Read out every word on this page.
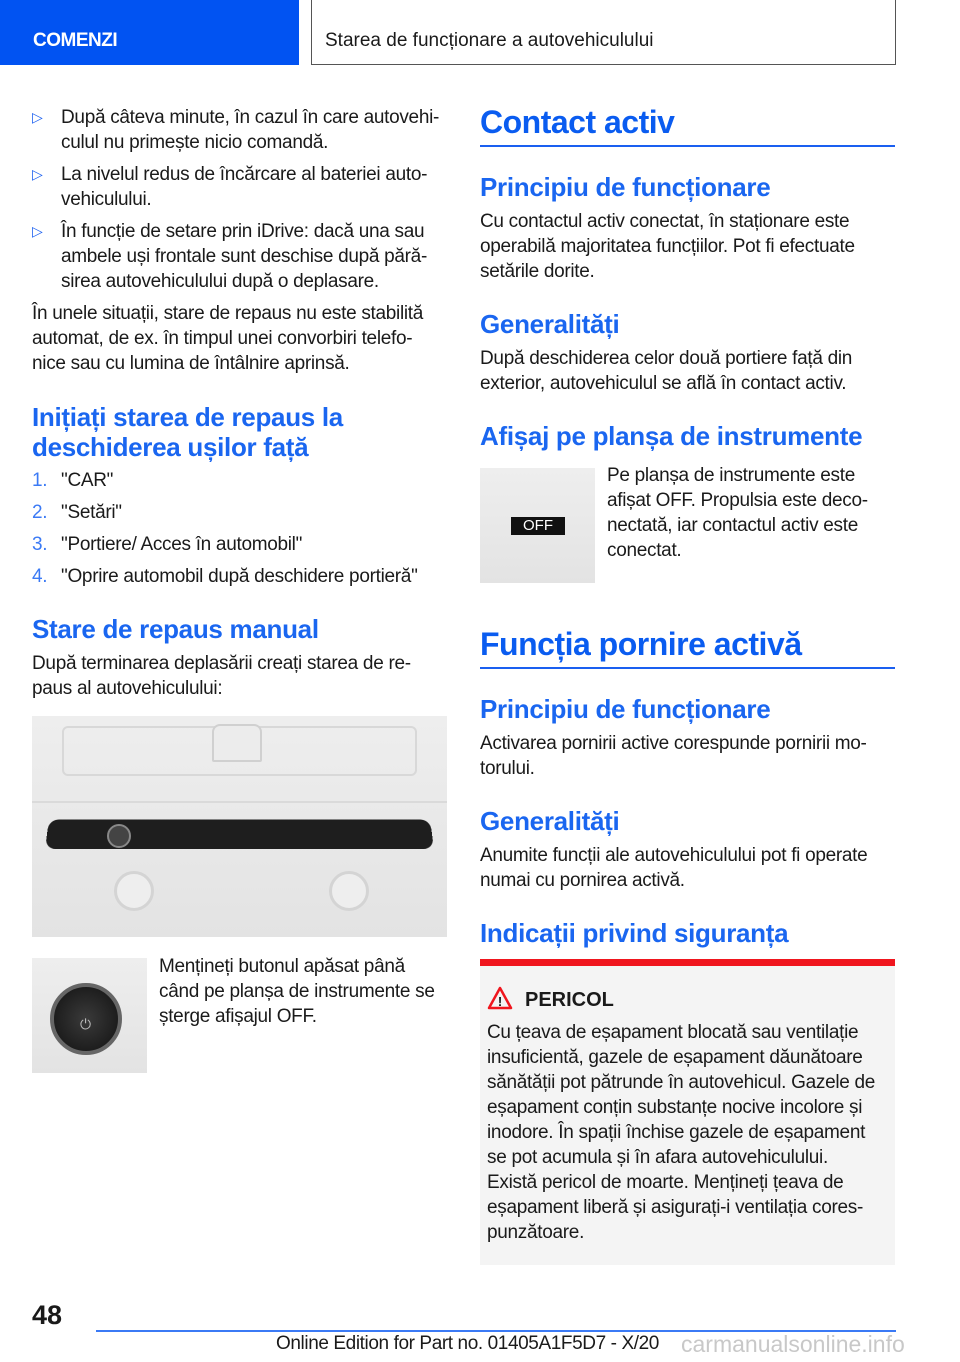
COMENZI	Starea de funcționare a autovehiculului
▷ După câteva minute, în cazul în care autovehi-
culul nu primește nicio comandă.
▷ La nivelul redus de încărcare al bateriei auto-
vehiculului.
▷ În funcție de setare prin iDrive: dacă una sau
ambele uși frontale sunt deschise după pără-
sirea autovehiculului după o deplasare.
În unele situații, stare de repaus nu este stabilită
automat, de ex. în timpul unei convorbiri telefo-
nice sau cu lumina de întâlnire aprinsă.
Inițiați starea de repaus la
deschiderea ușilor față
1. "CAR"
2. "Setări"
3. "Portiere/ Acces în automobil"
4. "Oprire automobil după deschidere portieră"
Stare de repaus manual
După terminarea deplasării creați starea de re-
paus al autovehiculului:
⏻
Mențineți butonul apăsat până
când pe planșa de instrumente se
șterge afișajul OFF.
Contact activ
Principiu de funcționare
Cu contactul activ conectat, în staționare este
operabilă majoritatea funcțiilor. Pot fi efectuate
setările dorite.
Generalități
După deschiderea celor două portiere față din
exterior, autovehiculul se află în contact activ.
Afișaj pe planșa de instrumente
OFF
Pe planșa de instrumente este
afișat OFF. Propulsia este deco-
nectată, iar contactul activ este
conectat.
Funcția pornire activă
Principiu de funcționare
Activarea pornirii active corespunde pornirii mo-
torului.
Generalități
Anumite funcții ale autovehiculului pot fi operate
numai cu pornirea activă.
Indicații privind siguranța
! PERICOL
Cu țeava de eșapament blocată sau ventilație
insuficientă, gazele de eșapament dăunătoare
sănătății pot pătrunde în autovehicul. Gazele de
eșapament conțin substanțe nocive incolore și
inodore. În spații închise gazele de eșapament
se pot acumula și în afara autovehiculului.
Există pericol de moarte. Mențineți țeava de
eșapament liberă și asigurați-i ventilația cores-
punzătoare.
48
Online Edition for Part no. 01405A1F5D7 - X/20 carmanualsonline.info
